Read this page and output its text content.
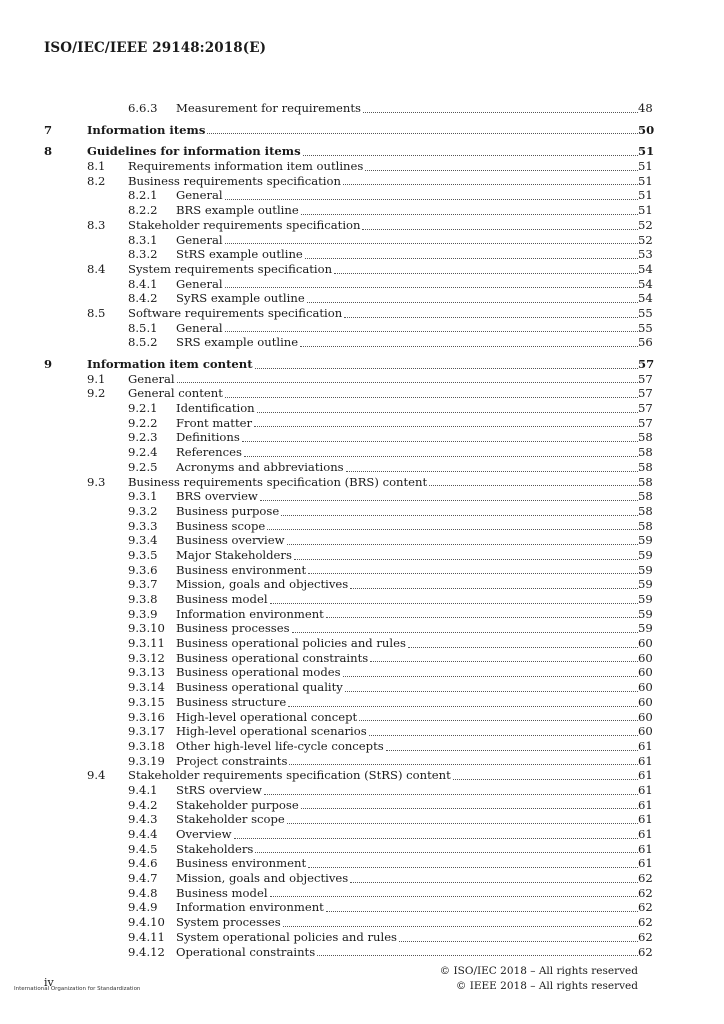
ISO/IEC/IEEE 29148:2018(E)
6.6.3 Measurement for requirements	48
7	Information items	50
8	Guidelines for information items	51
8.1 Requirements information item outlines	51
8.2 Business requirements specification	51
8.2.1 General	51
8.2.2 BRS example outline	51
8.3 Stakeholder requirements specification	52
8.3.1 General	52
8.3.2 StRS example outline	53
8.4 System requirements specification	54
8.4.1 General	54
8.4.2 SyRS example outline	54
8.5 Software requirements specification	55
8.5.1 General	55
8.5.2 SRS example outline	56
9	Information item content	57
9.1 General	57
9.2 General content	57
9.2.1 Identification	57
9.2.2 Front matter	57
9.2.3 Definitions	58
9.2.4 References	58
9.2.5 Acronyms and abbreviations	58
9.3 Business requirements specification (BRS) content	58
9.3.1 BRS overview	58
9.3.2 Business purpose	58
9.3.3 Business scope	58
9.3.4 Business overview	59
9.3.5 Major Stakeholders	59
9.3.6 Business environment	59
9.3.7 Mission, goals and objectives	59
9.3.8 Business model	59
9.3.9 Information environment	59
9.3.10 Business processes	59
9.3.11 Business operational policies and rules	60
9.3.12 Business operational constraints	60
9.3.13 Business operational modes	60
9.3.14 Business operational quality	60
9.3.15 Business structure	60
9.3.16 High-level operational concept	60
9.3.17 High-level operational scenarios	60
9.3.18 Other high-level life-cycle concepts	61
9.3.19 Project constraints	61
9.4 Stakeholder requirements specification (StRS) content	61
9.4.1 StRS overview	61
9.4.2 Stakeholder purpose	61
9.4.3 Stakeholder scope	61
9.4.4 Overview	61
9.4.5 Stakeholders	61
9.4.6 Business environment	61
9.4.7 Mission, goals and objectives	62
9.4.8 Business model	62
9.4.9 Information environment	62
9.4.10 System processes	62
9.4.11 System operational policies and rules	62
9.4.12 Operational constraints	62
© ISO/IEC 2018 – All rights reserved
© IEEE 2018 – All rights reserved
iv
International Organization for Standardization
